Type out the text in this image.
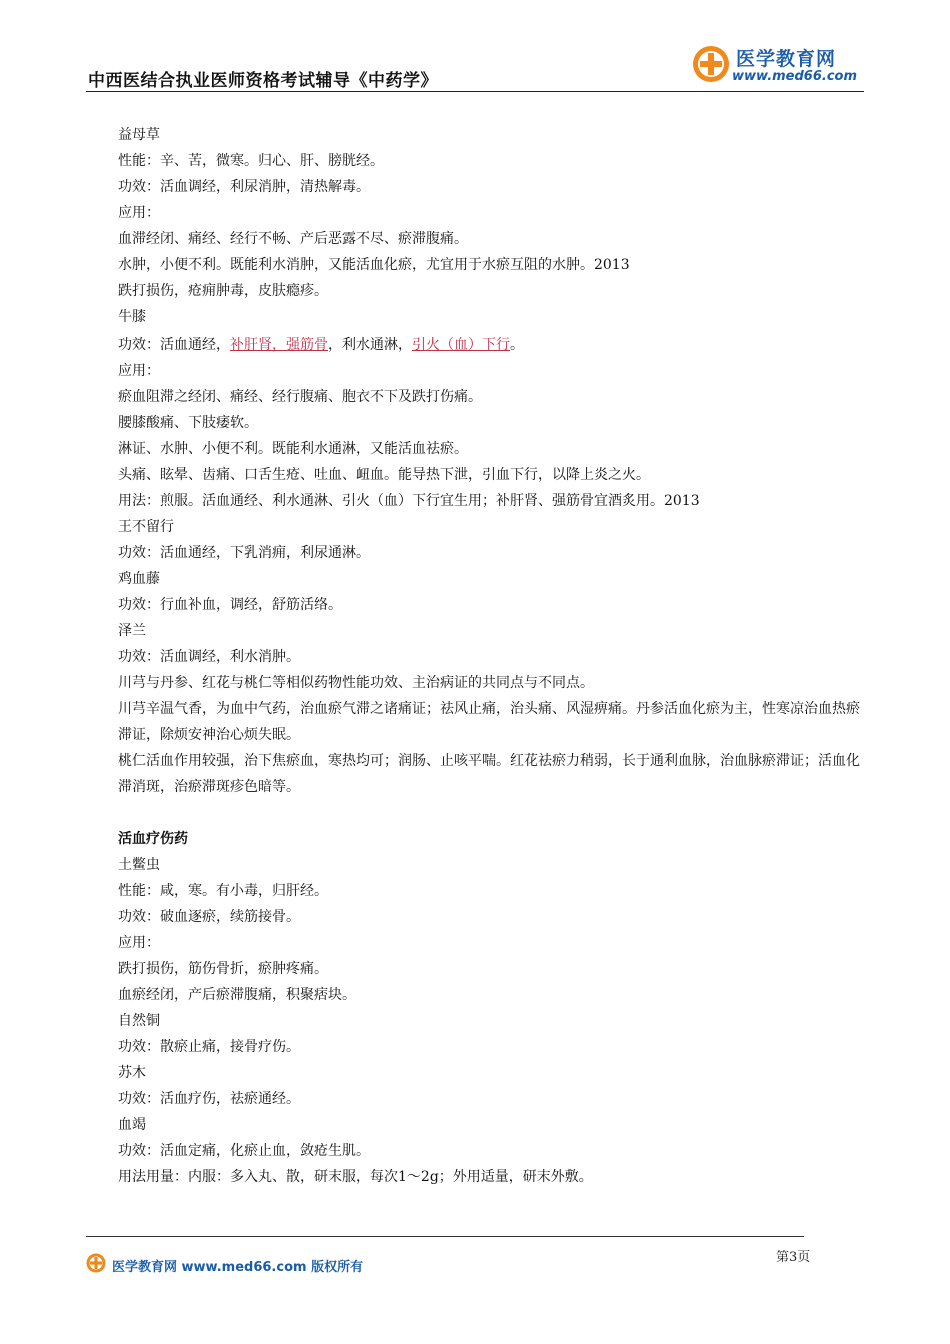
中西医结合执业医师资格考试辅导《中药学》
医学教育网
www.med66.com
益母草
性能：辛、苦，微寒。归心、肝、膀胱经。
功效：活血调经，利尿消肿，清热解毒。
应用：
血滞经闭、痛经、经行不畅、产后恶露不尽、瘀滞腹痛。
水肿，小便不利。既能利水消肿，又能活血化瘀，尤宜用于水瘀互阻的水肿。2013
跌打损伤，疮痈肿毒，皮肤瘾疹。
牛膝
功效：活血通经，补肝肾，强筋骨，利水通淋，引火（血）下行。
应用：
瘀血阻滞之经闭、痛经、经行腹痛、胞衣不下及跌打伤痛。
腰膝酸痛、下肢痿软。
淋证、水肿、小便不利。既能利水通淋，又能活血祛瘀。
头痛、眩晕、齿痛、口舌生疮、吐血、衄血。能导热下泄，引血下行，以降上炎之火。
用法：煎服。活血通经、利水通淋、引火（血）下行宜生用；补肝肾、强筋骨宜酒炙用。2013
王不留行
功效：活血通经，下乳消痈，利尿通淋。
鸡血藤
功效：行血补血，调经，舒筋活络。
泽兰
功效：活血调经，利水消肿。
川芎与丹参、红花与桃仁等相似药物性能功效、主治病证的共同点与不同点。
川芎辛温气香，为血中气药，治血瘀气滞之诸痛证；祛风止痛，治头痛、风湿痹痛。丹参活血化瘀为主，性寒凉治血热瘀滞证，除烦安神治心烦失眠。
桃仁活血作用较强，治下焦瘀血，寒热均可；润肠、止咳平喘。红花祛瘀力稍弱，长于通利血脉，治血脉瘀滞证；活血化滞消斑，治瘀滞斑疹色暗等。
活血疗伤药
土鳖虫
性能：咸，寒。有小毒，归肝经。
功效：破血逐瘀，续筋接骨。
应用：
跌打损伤，筋伤骨折，瘀肿疼痛。
血瘀经闭，产后瘀滞腹痛，积聚痞块。
自然铜
功效：散瘀止痛，接骨疗伤。
苏木
功效：活血疗伤，祛瘀通经。
血竭
功效：活血定痛，化瘀止血，敛疮生肌。
用法用量：内服：多入丸、散，研末服，每次1～2g；外用适量，研末外敷。
医学教育网 www.med66.com 版权所有
第3页
